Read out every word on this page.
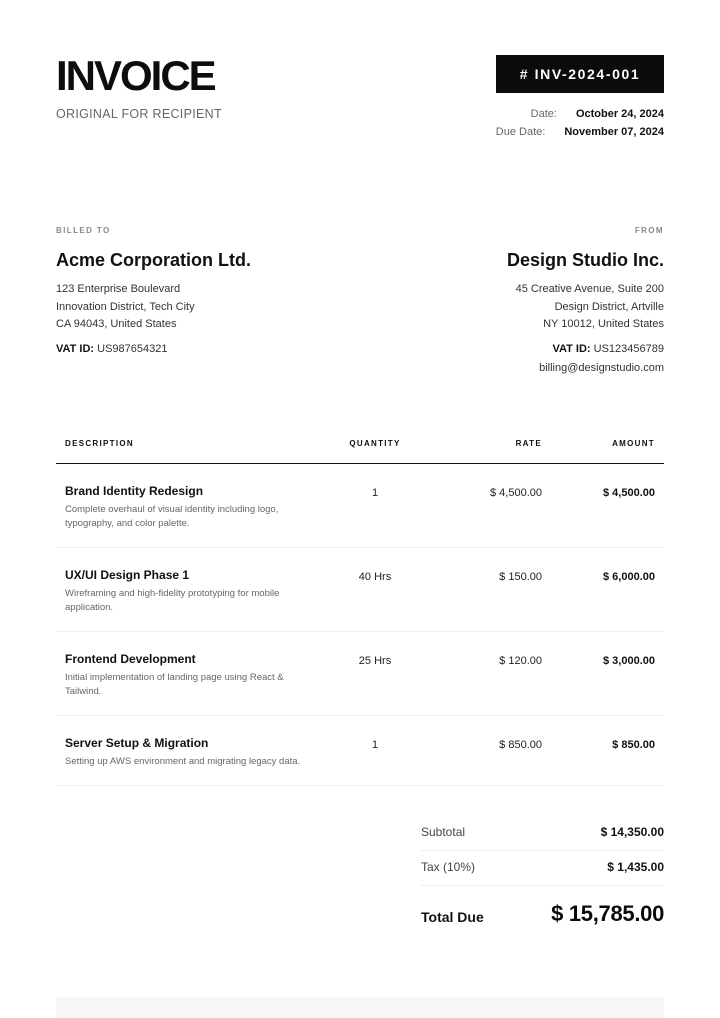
INVOICE
ORIGINAL FOR RECIPIENT
# INV-2024-001
Date: October 24, 2024
Due Date: November 07, 2024
BILLED TO
Acme Corporation Ltd.
123 Enterprise Boulevard
Innovation District, Tech City
CA 94043, United States
VAT ID: US987654321
FROM
Design Studio Inc.
45 Creative Avenue, Suite 200
Design District, Artville
NY 10012, United States
VAT ID: US123456789
billing@designstudio.com
DESCRIPTION	QUANTITY	RATE	AMOUNT
Brand Identity Redesign
Complete overhaul of visual identity including logo, typography, and color palette.
1	$ 4,500.00	$ 4,500.00
UX/UI Design Phase 1
Wireframing and high-fidelity prototyping for mobile application.
40 Hrs	$ 150.00	$ 6,000.00
Frontend Development
Initial implementation of landing page using React & Tailwind.
25 Hrs	$ 120.00	$ 3,000.00
Server Setup & Migration
Setting up AWS environment and migrating legacy data.
1	$ 850.00	$ 850.00
Subtotal	$ 14,350.00
Tax (10%)	$ 1,435.00
Total Due	$ 15,785.00
